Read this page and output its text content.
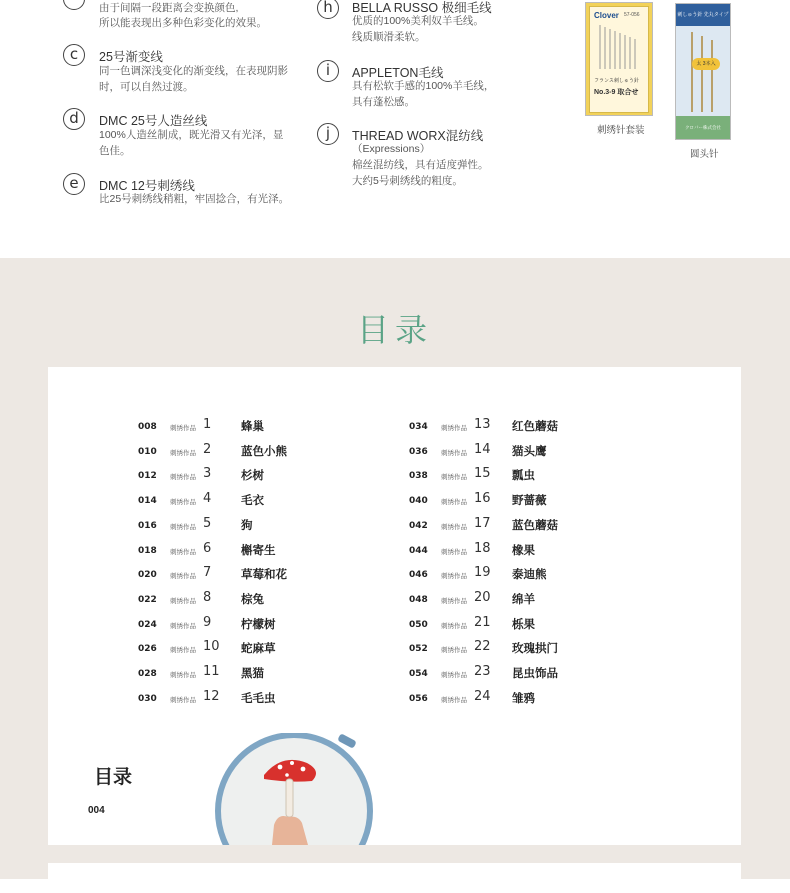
由于间隔一段距离会变换颜色,
所以能表现出多种色彩变化的效果。
c	25号渐变线
同一色调深浅变化的渐变线，在表现阴影
时，可以自然过渡。
d	DMC 25号人造丝线
100%人造丝制成，既光滑又有光泽，显
色佳。
e	DMC 12号刺绣线
比25号刺绣线稍粗，牢固捻合，有光泽。
h	BELLA RUSSO 极细毛线
优质的100%美利奴羊毛线。
线质顺滑柔软。
i	APPLETON毛线
具有松软手感的100%羊毛线，
具有蓬松感。
j	THREAD WORX混纺线
（Expressions）
棉丝混纺线，具有适度弹性。
大约5号刺绣线的粗度。
Clover 57-056
フランス刺しゅう針
No.3-9 取合せ
刺绣针套装
刺しゅう針 先丸タイプ
太 3本入
クロバー株式会社
圆头针
目录
008 刺绣作品 1	蜂巢
010 刺绣作品 2	蓝色小熊
012 刺绣作品 3	杉树
014 刺绣作品 4	毛衣
016 刺绣作品 5	狗
018 刺绣作品 6	槲寄生
020 刺绣作品 7	草莓和花
022 刺绣作品 8	棕兔
024 刺绣作品 9	柠檬树
026 刺绣作品 10 蛇麻草
028 刺绣作品 11 黑猫
030 刺绣作品 12 毛毛虫
034 刺绣作品 13 红色蘑菇
036 刺绣作品 14 猫头鹰
038 刺绣作品 15 瓢虫
040 刺绣作品 16 野蔷薇
042 刺绣作品 17 蓝色蘑菇
044 刺绣作品 18 橡果
046 刺绣作品 19 泰迪熊
048 刺绣作品 20 绵羊
050 刺绣作品 21 栎果
052 刺绣作品 22 玫瑰拱门
054 刺绣作品 23 昆虫饰品
056 刺绣作品 24 雏鸦
目录
004
